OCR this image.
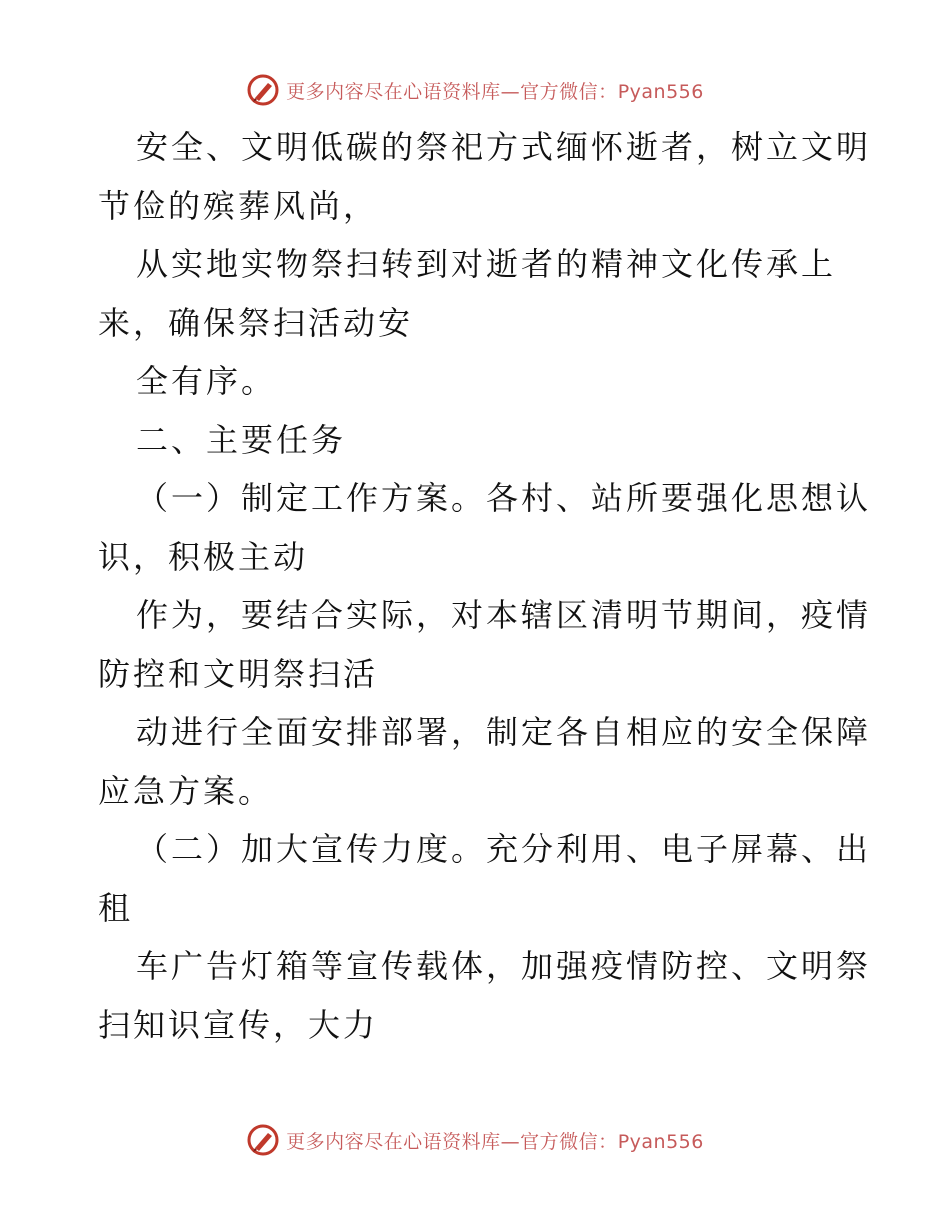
更多内容尽在心语资料库—官方微信：Pyan556
安全、文明低碳的祭祀方式缅怀逝者，树立文明
节俭的殡葬风尚，
从实地实物祭扫转到对逝者的精神文化传承上
来，确保祭扫活动安
全有序。
二、主要任务
（一）制定工作方案。各村、站所要强化思想认
识，积极主动
作为，要结合实际，对本辖区清明节期间，疫情
防控和文明祭扫活
动进行全面安排部署，制定各自相应的安全保障
应急方案。
（二）加大宣传力度。充分利用、电子屏幕、出
租
车广告灯箱等宣传载体，加强疫情防控、文明祭
扫知识宣传，大力
更多内容尽在心语资料库—官方微信：Pyan556
